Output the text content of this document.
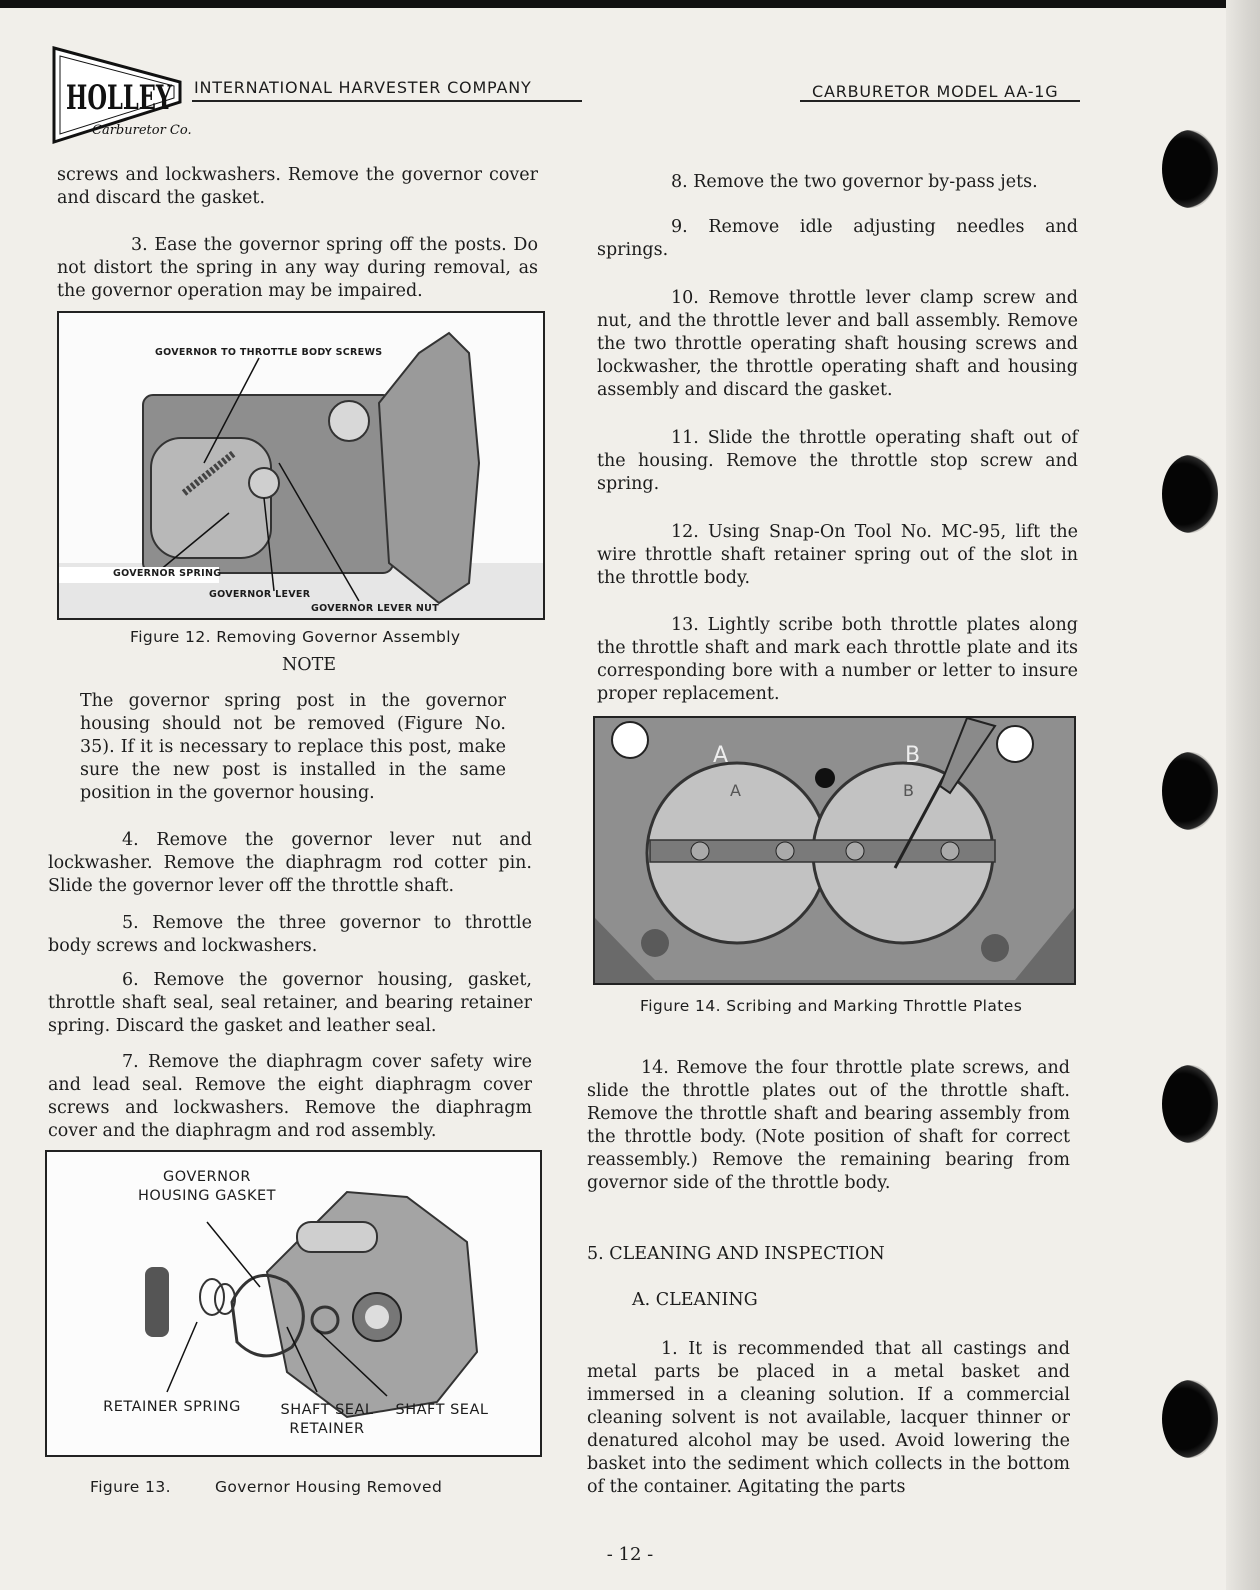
HOLLEY
Carburetor Co.
INTERNATIONAL HARVESTER COMPANY	CARBURETOR MODEL AA-1G

screws and lockwashers. Remove the governor cover and discard the gasket.

3. Ease the governor spring off the posts. Do not distort the spring in any way during removal, as the governor operation may be impaired.

GOVERNOR TO THROTTLE BODY SCREWS
GOVERNOR SPRING
GOVERNOR LEVER
GOVERNOR LEVER NUT
Figure 12. Removing Governor Assembly

NOTE

The governor spring post in the governor housing should not be removed (Figure No. 35). If it is necessary to replace this post, make sure the new post is installed in the same position in the governor housing.

4. Remove the governor lever nut and lockwasher. Remove the diaphragm rod cotter pin. Slide the governor lever off the throttle shaft.

5. Remove the three governor to throttle body screws and lockwashers.

6. Remove the governor housing, gasket, throttle shaft seal, seal retainer, and bearing retainer spring. Discard the gasket and leather seal.

7. Remove the diaphragm cover safety wire and lead seal. Remove the eight diaphragm cover screws and lockwashers. Remove the diaphragm cover and the diaphragm and rod assembly.

GOVERNOR
HOUSING GASKET
RETAINER SPRING	SHAFT SEAL
RETAINER
SHAFT SEAL
Figure 13.	Governor Housing Removed

8. Remove the two governor by-pass jets.

9. Remove idle adjusting needles and springs.

10. Remove throttle lever clamp screw and nut, and the throttle lever and ball assembly. Remove the two throttle operating shaft housing screws and lockwasher, the throttle operating shaft and housing assembly and discard the gasket.

11. Slide the throttle operating shaft out of the housing. Remove the throttle stop screw and spring.

12. Using Snap-On Tool No. MC-95, lift the wire throttle shaft retainer spring out of the slot in the throttle body.

13. Lightly scribe both throttle plates along the throttle shaft and mark each throttle plate and its corresponding bore with a number or letter to insure proper replacement.

A	B
A	B
Figure 14. Scribing and Marking Throttle Plates

14. Remove the four throttle plate screws, and slide the throttle plates out of the throttle shaft. Remove the throttle shaft and bearing assembly from the throttle body. (Note position of shaft for correct reassembly.) Remove the remaining bearing from governor side of the throttle body.

5. CLEANING AND INSPECTION

A. CLEANING

1. It is recommended that all castings and metal parts be placed in a metal basket and immersed in a cleaning solution. If a commercial cleaning solvent is not available, lacquer thinner or denatured alcohol may be used. Avoid lowering the basket into the sediment which collects in the bottom of the container. Agitating the parts

- 12 -
